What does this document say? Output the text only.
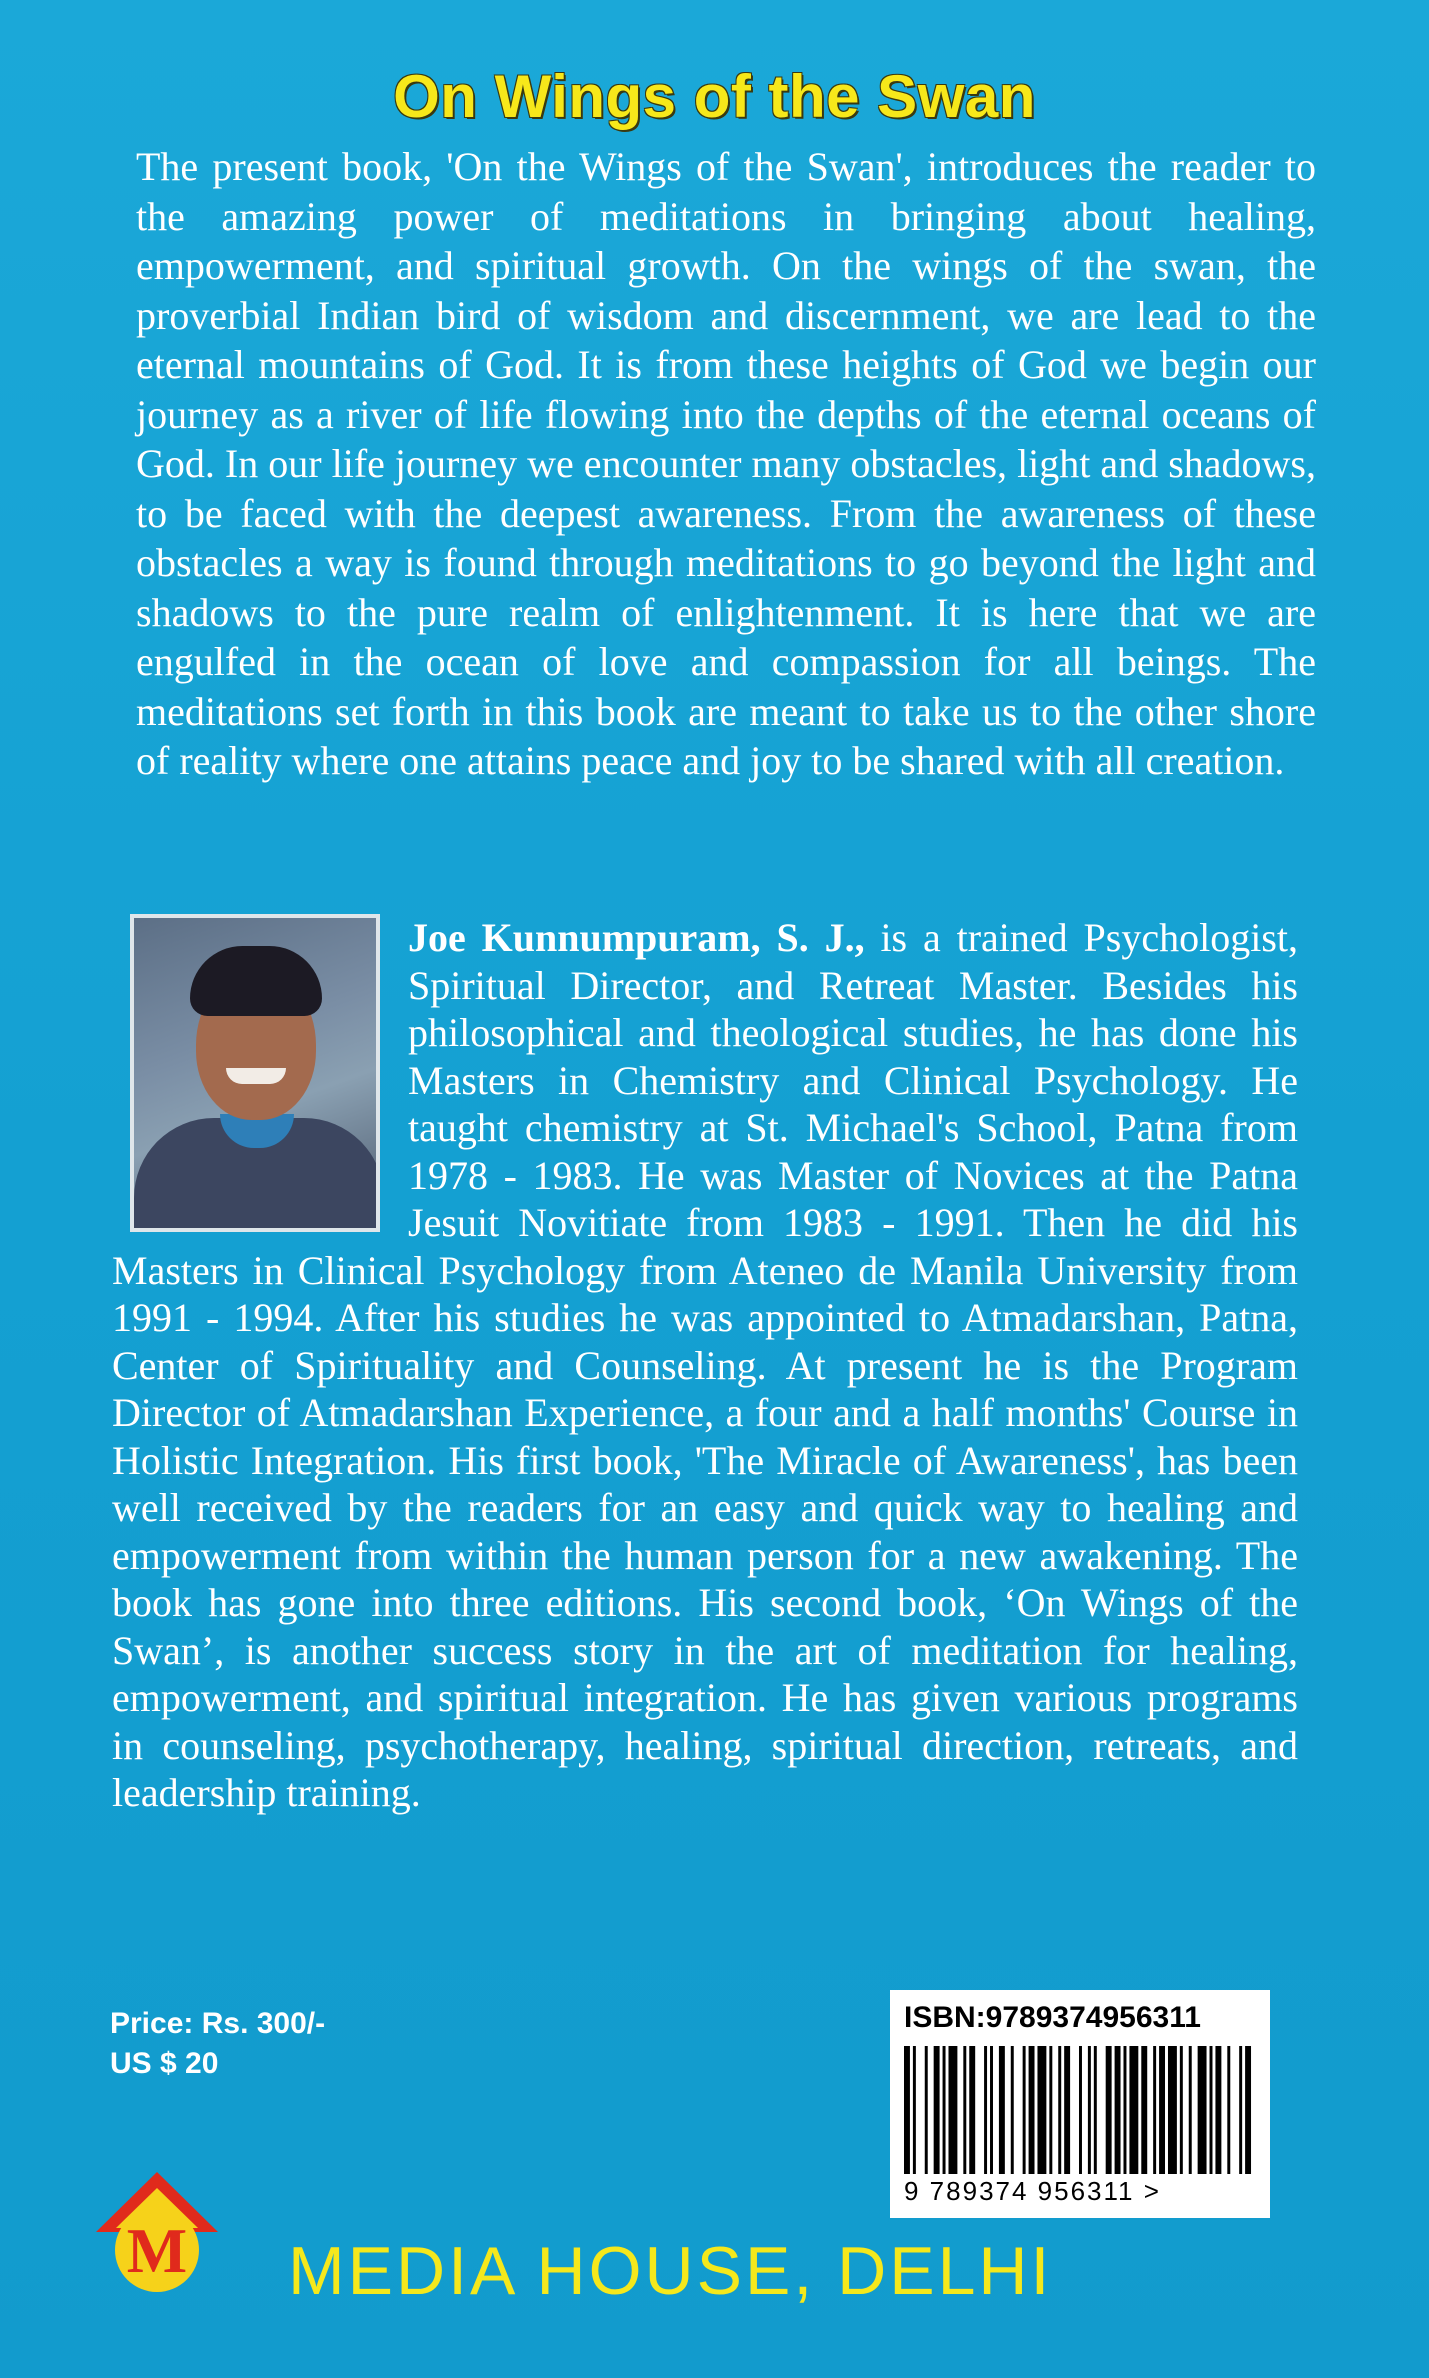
On Wings of the Swan

The present book, 'On the Wings of the Swan', introduces the reader to the amazing power of meditations in bringing about healing, empowerment, and spiritual growth. On the wings of the swan, the proverbial Indian bird of wisdom and discernment, we are lead to the eternal mountains of God. It is from these heights of God we begin our journey as a river of life flowing into the depths of the eternal oceans of God. In our life journey we encounter many obstacles, light and shadows, to be faced with the deepest awareness. From the awareness of these obstacles a way is found through meditations to go beyond the light and shadows to the pure realm of enlightenment. It is here that we are engulfed in the ocean of love and compassion for all beings. The meditations set forth in this book are meant to take us to the other shore of reality where one attains peace and joy to be shared with all creation.

Joe Kunnumpuram, S. J., is a trained Psychologist, Spiritual Director, and Retreat Master. Besides his philosophical and theological studies, he has done his Masters in Chemistry and Clinical Psychology. He taught chemistry at St. Michael's School, Patna from 1978 - 1983. He was Master of Novices at the Patna Jesuit Novitiate from 1983 - 1991. Then he did his Masters in Clinical Psychology from Ateneo de Manila University from 1991 - 1994. After his studies he was appointed to Atmadarshan, Patna, Center of Spirituality and Counseling. At present he is the Program Director of Atmadarshan Experience, a four and a half months' Course in Holistic Integration. His first book, 'The Miracle of Awareness', has been well received by the readers for an easy and quick way to healing and empowerment from within the human person for a new awakening. The book has gone into three editions. His second book, ‘On Wings of the Swan’, is another success story in the art of meditation for healing, empowerment, and spiritual integration. He has given various programs in counseling, psychotherapy, healing, spiritual direction, retreats, and leadership training.
Price: Rs. 300/-
US $ 20
ISBN:9789374956311
9 789374 956311 >
M MEDIA HOUSE, DELHI
